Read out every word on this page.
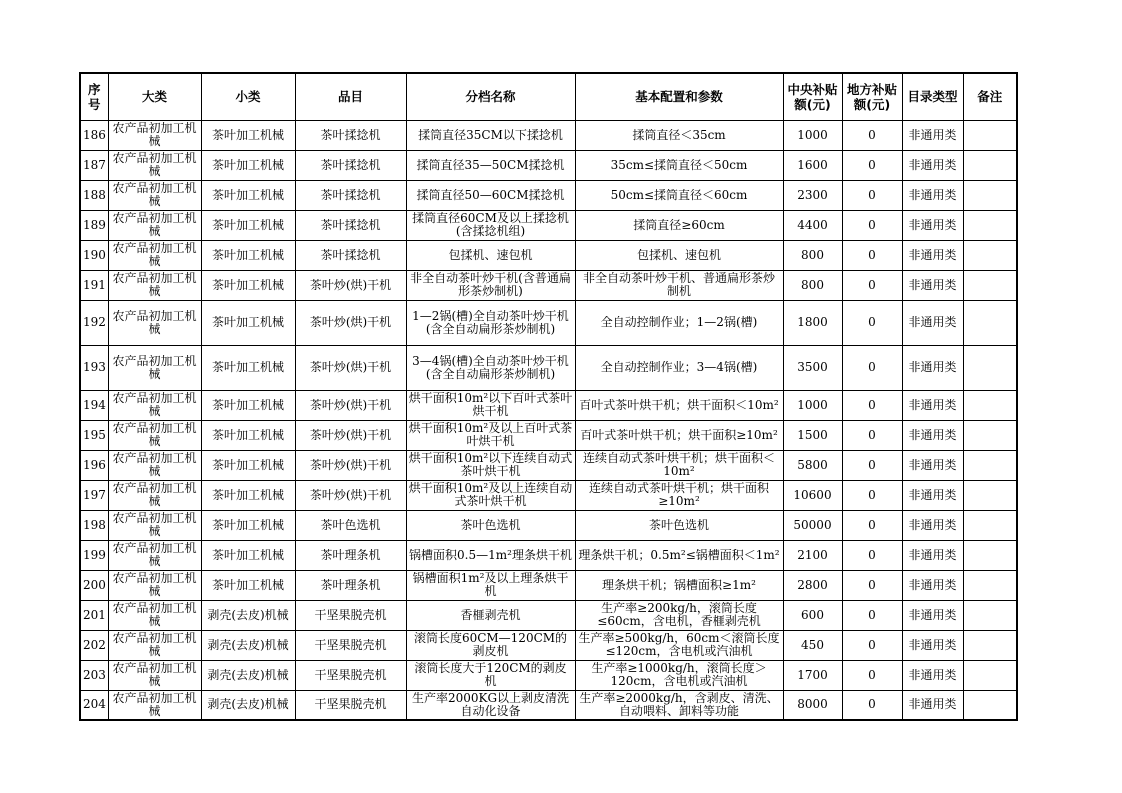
序号	大类	小类	品目	分档名称	基本配置和参数	中央补贴额(元)	地方补贴额(元)	目录类型	备注

186	农产品初加工机械	茶叶加工机械	茶叶揉捻机	揉筒直径35CM以下揉捻机	揉筒直径＜35cm	1000	0	非通用类	

187	农产品初加工机械	茶叶加工机械	茶叶揉捻机	揉筒直径35—50CM揉捻机	35cm≤揉筒直径＜50cm	1600	0	非通用类	

188	农产品初加工机械	茶叶加工机械	茶叶揉捻机	揉筒直径50—60CM揉捻机	50cm≤揉筒直径＜60cm	2300	0	非通用类	

189	农产品初加工机械	茶叶加工机械	茶叶揉捻机	揉筒直径60CM及以上揉捻机(含揉捻机组)	揉筒直径≥60cm	4400	0	非通用类	

190	农产品初加工机械	茶叶加工机械	茶叶揉捻机	包揉机、速包机	包揉机、速包机	800	0	非通用类	

191	农产品初加工机械	茶叶加工机械	茶叶炒(烘)干机	非全自动茶叶炒干机(含普通扁形茶炒制机)	非全自动茶叶炒干机、普通扁形茶炒制机	800	0	非通用类	

192	农产品初加工机械	茶叶加工机械	茶叶炒(烘)干机	1—2锅(槽)全自动茶叶炒干机(含全自动扁形茶炒制机)	全自动控制作业；1—2锅(槽)	1800	0	非通用类	

193	农产品初加工机械	茶叶加工机械	茶叶炒(烘)干机	3—4锅(槽)全自动茶叶炒干机(含全自动扁形茶炒制机)	全自动控制作业；3—4锅(槽)	3500	0	非通用类	

194	农产品初加工机械	茶叶加工机械	茶叶炒(烘)干机	烘干面积10m²以下百叶式茶叶烘干机	百叶式茶叶烘干机；烘干面积＜10m²	1000	0	非通用类	

195	农产品初加工机械	茶叶加工机械	茶叶炒(烘)干机	烘干面积10m²及以上百叶式茶叶烘干机	百叶式茶叶烘干机；烘干面积≥10m²	1500	0	非通用类	

196	农产品初加工机械	茶叶加工机械	茶叶炒(烘)干机	烘干面积10m²以下连续自动式茶叶烘干机	连续自动式茶叶烘干机；烘干面积＜10m²	5800	0	非通用类	

197	农产品初加工机械	茶叶加工机械	茶叶炒(烘)干机	烘干面积10m²及以上连续自动式茶叶烘干机	连续自动式茶叶烘干机；烘干面积≥10m²	10600	0	非通用类	

198	农产品初加工机械	茶叶加工机械	茶叶色选机	茶叶色选机	茶叶色选机	50000	0	非通用类	

199	农产品初加工机械	茶叶加工机械	茶叶理条机	锅槽面积0.5—1m²理条烘干机	理条烘干机；0.5m²≤锅槽面积＜1m²	2100	0	非通用类	

200	农产品初加工机械	茶叶加工机械	茶叶理条机	锅槽面积1m²及以上理条烘干机	理条烘干机；锅槽面积≥1m²	2800	0	非通用类	

201	农产品初加工机械	剥壳(去皮)机械	干坚果脱壳机	香榧剥壳机	生产率≥200kg/h，滚筒长度≤60cm，含电机，香榧剥壳机	600	0	非通用类	

202	农产品初加工机械	剥壳(去皮)机械	干坚果脱壳机	滚筒长度60CM—120CM的剥皮机	生产率≥500kg/h，60cm＜滚筒长度≤120cm，含电机或汽油机	450	0	非通用类	

203	农产品初加工机械	剥壳(去皮)机械	干坚果脱壳机	滚筒长度大于120CM的剥皮机	生产率≥1000kg/h，滚筒长度＞120cm，含电机或汽油机	1700	0	非通用类	

204	农产品初加工机械	剥壳(去皮)机械	干坚果脱壳机	生产率2000KG以上剥皮清洗自动化设备	生产率≥2000kg/h，含剥皮、清洗、自动喂料、卸料等功能	8000	0	非通用类	
